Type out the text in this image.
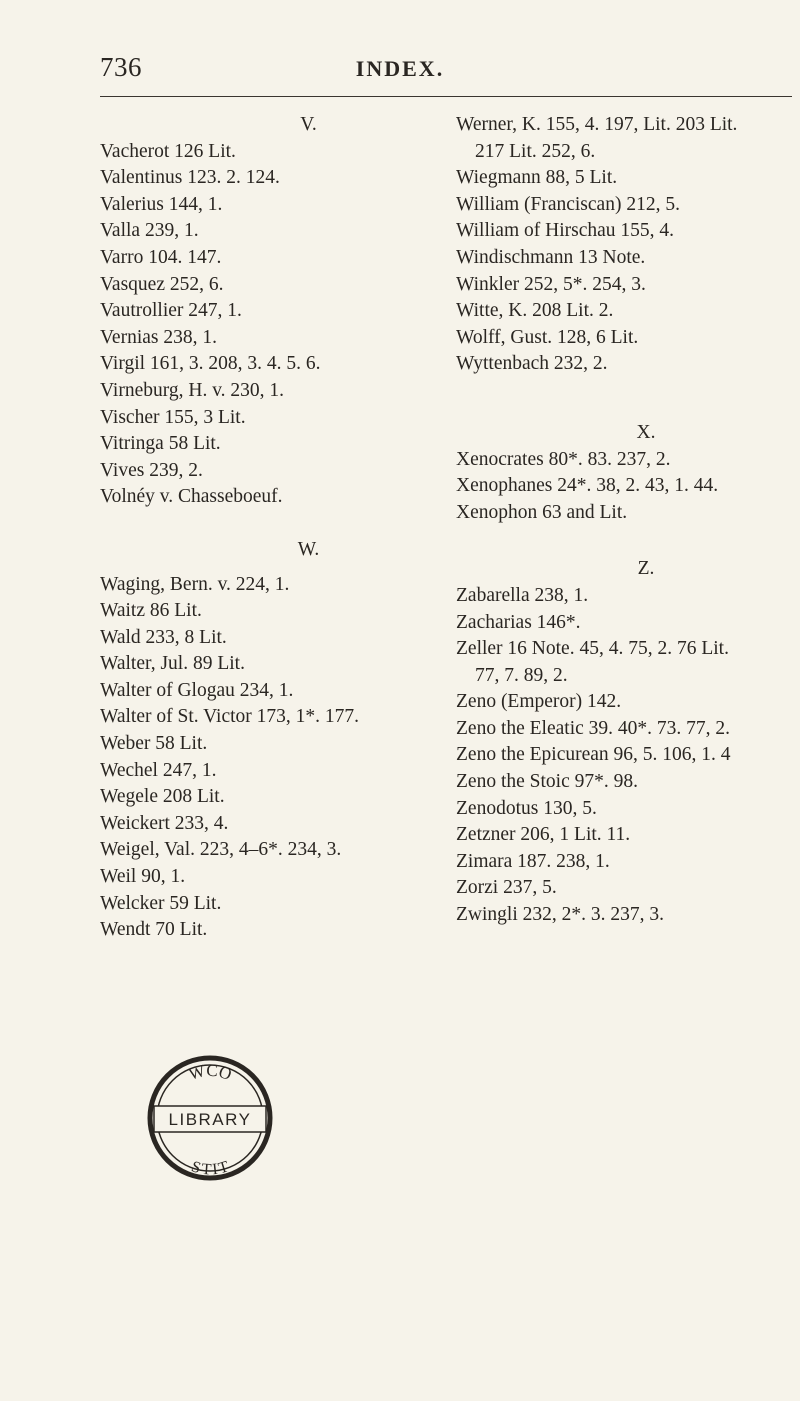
736	INDEX.

V.

Vacherot 126 Lit.

Valentinus 123. 2. 124.

Valerius 144, 1.

Valla 239, 1.

Varro 104. 147.

Vasquez 252, 6.

Vautrollier 247, 1.

Vernias 238, 1.

Virgil 161, 3. 208, 3. 4. 5. 6.

Virneburg, H. v. 230, 1.

Vischer 155, 3 Lit.

Vitringa 58 Lit.

Vives 239, 2.

Volnéy v. Chasseboeuf.

W.

Waging, Bern. v. 224, 1.

Waitz 86 Lit.

Wald 233, 8 Lit.

Walter, Jul. 89 Lit.

Walter of Glogau 234, 1.

Walter of St. Victor 173, 1*. 177.

Weber 58 Lit.

Wechel 247, 1.

Wegele 208 Lit.

Weickert 233, 4.

Weigel, Val. 223, 4–6*. 234, 3.

Weil 90, 1.

Welcker 59 Lit.

Wendt 70 Lit.

Werner, K. 155, 4. 197, Lit. 203 Lit.

217 Lit. 252, 6.

Wiegmann 88, 5 Lit.

William (Franciscan) 212, 5.

William of Hirschau 155, 4.

Windischmann 13 Note.

Winkler 252, 5*. 254, 3.

Witte, K. 208 Lit. 2.

Wolff, Gust. 128, 6 Lit.

Wyttenbach 232, 2.

X.

Xenocrates 80*. 83. 237, 2.

Xenophanes 24*. 38, 2. 43, 1. 44.

Xenophon 63 and Lit.

Z.

Zabarella 238, 1.

Zacharias 146*.

Zeller 16 Note. 45, 4. 75, 2. 76 Lit.

77, 7. 89, 2.

Zeno (Emperor) 142.

Zeno the Eleatic 39. 40*. 73. 77, 2.

Zeno the Epicurean 96, 5. 106, 1. 4

Zeno the Stoic 97*. 98.

Zenodotus 130, 5.

Zetzner 206, 1 Lit. 11.

Zimara 187. 238, 1.

Zorzi 237, 5.

Zwingli 232, 2*. 3. 237, 3.

WCO
LIBRARY
STIT
